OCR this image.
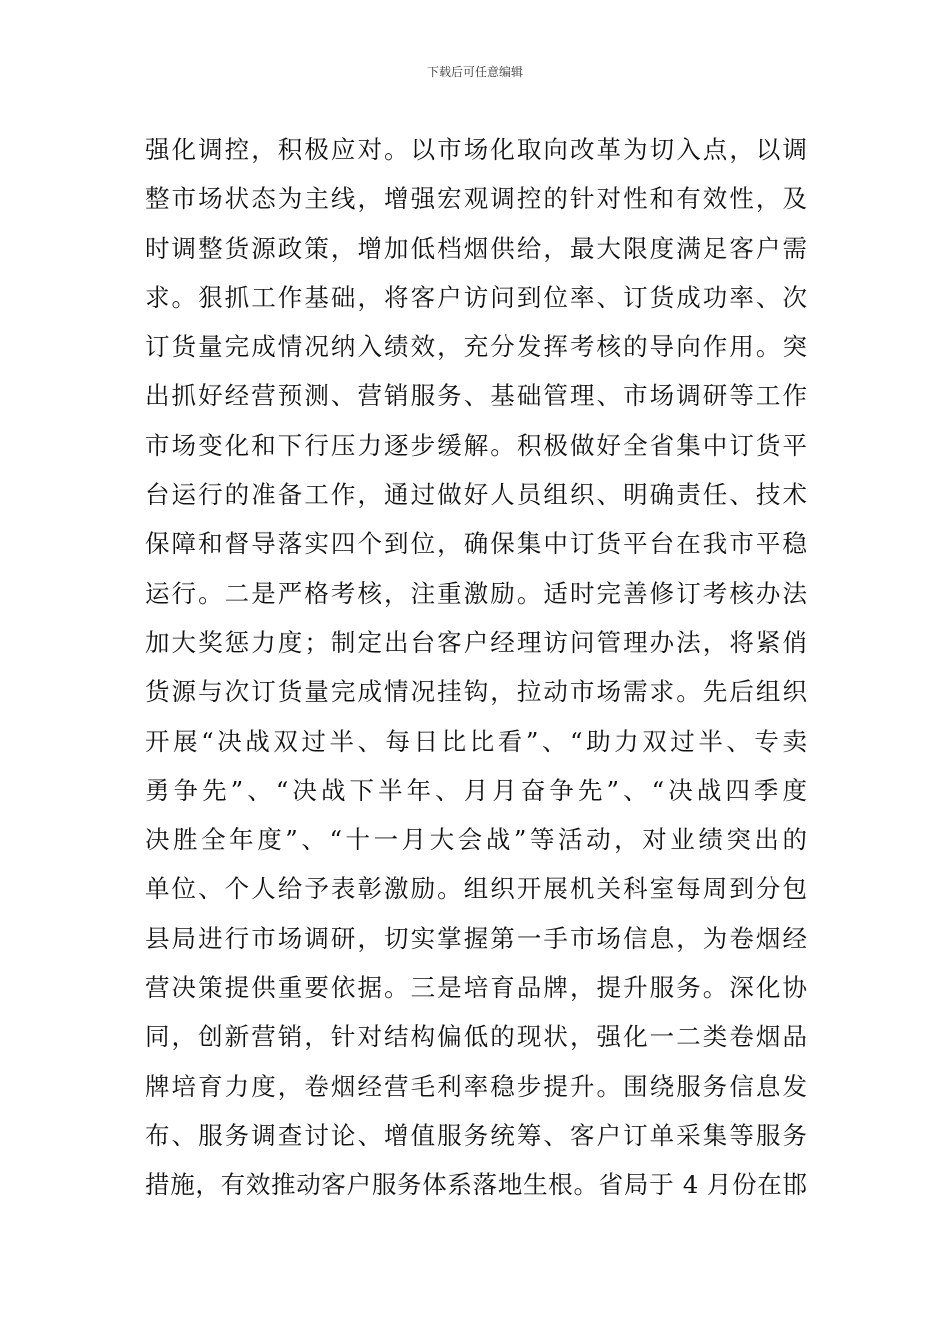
下载后可任意编辑
强化调控，积极应对。以市场化取向改革为切入点，以调
整市场状态为主线，增强宏观调控的针对性和有效性，及
时调整货源政策，增加低档烟供给，最大限度满足客户需
求。狠抓工作基础，将客户访问到位率、订货成功率、次
订货量完成情况纳入绩效，充分发挥考核的导向作用。突
出抓好经营预测、营销服务、基础管理、市场调研等工作
市场变化和下行压力逐步缓解。积极做好全省集中订货平
台运行的准备工作，通过做好人员组织、明确责任、技术
保障和督导落实四个到位，确保集中订货平台在我市平稳
运行。二是严格考核，注重激励。适时完善修订考核办法
加大奖惩力度；制定出台客户经理访问管理办法，将紧俏
货源与次订货量完成情况挂钩，拉动市场需求。先后组织
开展“决战双过半、每日比比看”、“助力双过半、专卖
勇争先”、“决战下半年、月月奋争先”、“决战四季度
决胜全年度”、“十一月大会战”等活动，对业绩突出的
单位、个人给予表彰激励。组织开展机关科室每周到分包
县局进行市场调研，切实掌握第一手市场信息，为卷烟经
营决策提供重要依据。三是培育品牌，提升服务。深化协
同，创新营销，针对结构偏低的现状，强化一二类卷烟品
牌培育力度，卷烟经营毛利率稳步提升。围绕服务信息发
布、服务调查讨论、增值服务统筹、客户订单采集等服务
措施，有效推动客户服务体系落地生根。省局于 4 月份在邯
